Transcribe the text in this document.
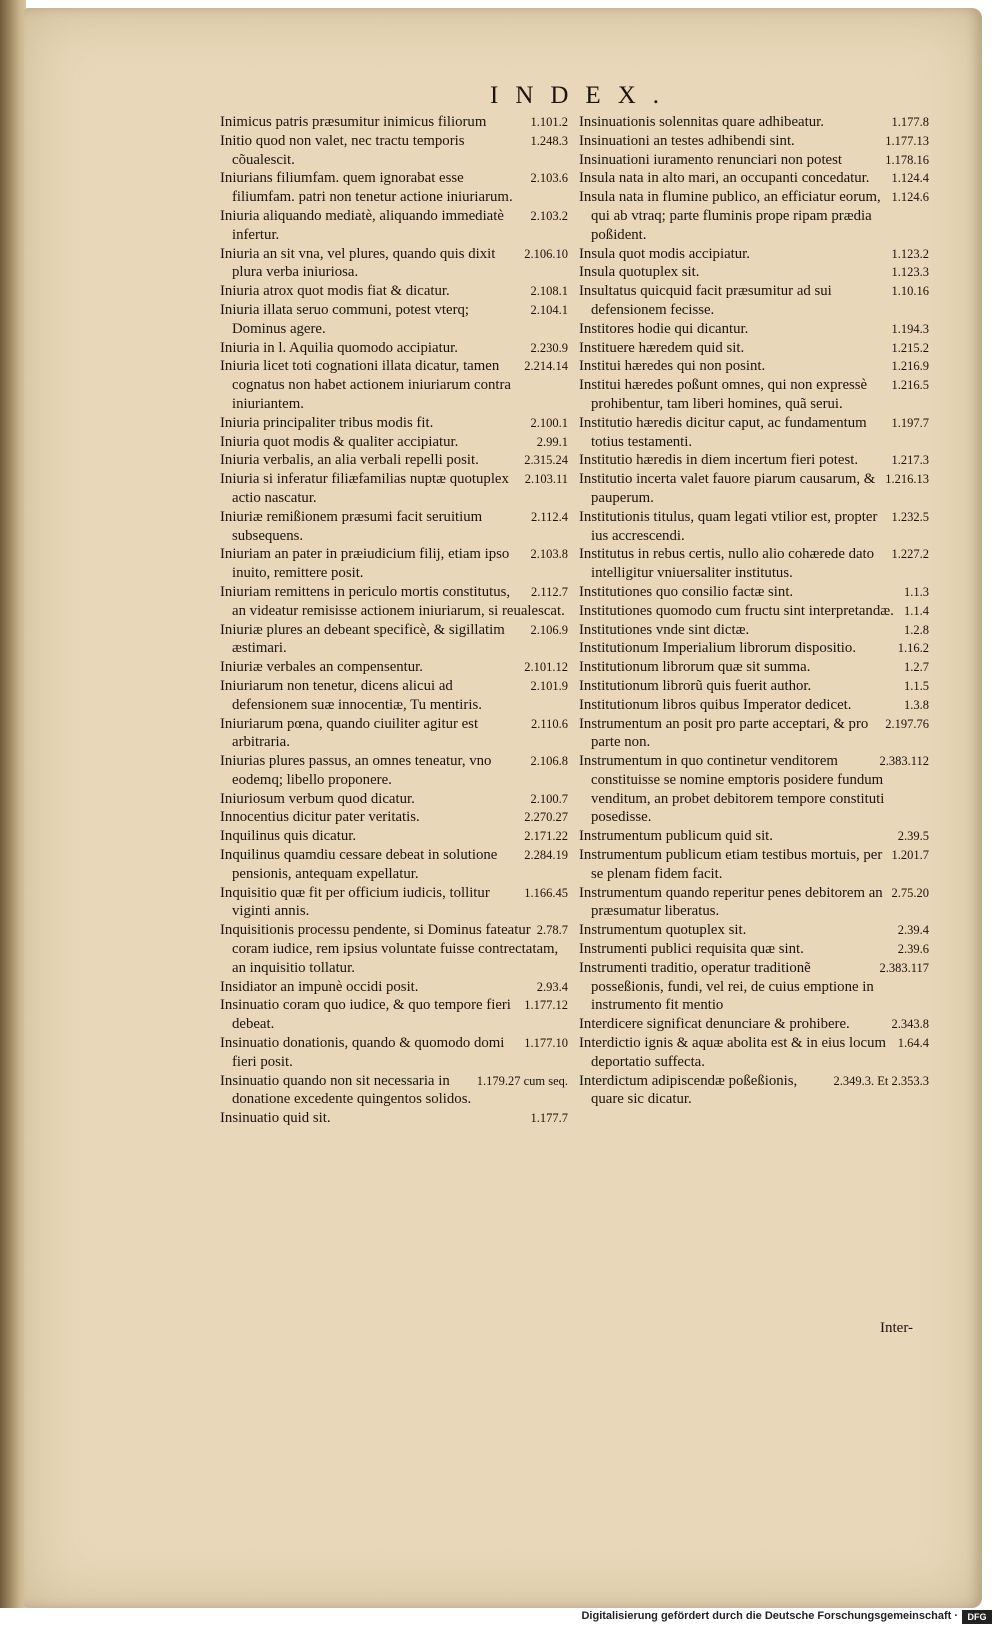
INDEX.
1.101.2
Inimicus patris præsumitur inimicus filiorum
1.248.3
Initio quod non valet, nec tractu temporis cõualescit.
2.103.6
Iniurians filiumfam. quem ignorabat esse filiumfam. patri non tenetur actione iniuriarum.
2.103.2
Iniuria aliquando mediatè, aliquando immediatè infertur.
2.106.10
Iniuria an sit vna, vel plures, quando quis dixit plura verba iniuriosa.
2.108.1
Iniuria atrox quot modis fiat & dicatur.
2.104.1
Iniuria illata seruo communi, potest vterq; Dominus agere.
2.230.9
Iniuria in l. Aquilia quomodo accipiatur.
2.214.14
Iniuria licet toti cognationi illata dicatur, tamen cognatus non habet actionem iniuriarum contra iniuriantem.
2.100.1
Iniuria principaliter tribus modis fit.
2.99.1
Iniuria quot modis & qualiter accipiatur.
2.315.24
Iniuria verbalis, an alia verbali repelli posit.
2.103.11
Iniuria si inferatur filiæfamilias nuptæ quotuplex actio nascatur.
2.112.4
Iniuriæ remißionem præsumi facit seruitium subsequens.
2.103.8
Iniuriam an pater in præiudicium filij, etiam ipso inuito, remittere posit.
2.112.7
Iniuriam remittens in periculo mortis constitutus, an videatur remisisse actionem iniuriarum, si reualescat.
2.106.9
Iniuriæ plures an debeant specificè, & sigillatim æstimari.
2.101.12
Iniuriæ verbales an compensentur.
2.101.9
Iniuriarum non tenetur, dicens alicui ad defensionem suæ innocentiæ, Tu mentiris.
2.110.6
Iniuriarum pœna, quando ciuiliter agitur est arbitraria.
2.106.8
Iniurias plures passus, an omnes teneatur, vno eodemq; libello proponere.
2.100.7
Iniuriosum verbum quod dicatur.
2.270.27
Innocentius dicitur pater veritatis.
2.171.22
Inquilinus quis dicatur.
2.284.19
Inquilinus quamdiu cessare debeat in solutione pensionis, antequam expellatur.
1.166.45
Inquisitio quæ fit per officium iudicis, tollitur viginti annis.
2.78.7
Inquisitionis processu pendente, si Dominus fateatur coram iudice, rem ipsius voluntate fuisse contrectatam, an inquisitio tollatur.
2.93.4
Insidiator an impunè occidi posit.
1.177.12
Insinuatio coram quo iudice, & quo tempore fieri debeat.
1.177.10
Insinuatio donationis, quando & quomodo domi fieri posit.
1.179.27 cum seq.
Insinuatio quando non sit necessaria in donatione excedente quingentos solidos.
1.177.7
Insinuatio quid sit.
1.177.8
Insinuationis solennitas quare adhibeatur.
1.177.13
Insinuationi an testes adhibendi sint.
1.178.16
Insinuationi iuramento renunciari non potest
1.124.4
Insula nata in alto mari, an occupanti concedatur.
1.124.6
Insula nata in flumine publico, an efficiatur eorum, qui ab vtraq; parte fluminis prope ripam prædia poßident.
1.123.2
Insula quot modis accipiatur.
1.123.3
Insula quotuplex sit.
1.10.16
Insultatus quicquid facit præsumitur ad sui defensionem fecisse.
1.194.3
Institores hodie qui dicantur.
1.215.2
Instituere hæredem quid sit.
1.216.9
Institui hæredes qui non posint.
1.216.5
Institui hæredes poßunt omnes, qui non expressè prohibentur, tam liberi homines, quã serui.
1.197.7
Institutio hæredis dicitur caput, ac fundamentum totius testamenti.
1.217.3
Institutio hæredis in diem incertum fieri potest.
1.216.13
Institutio incerta valet fauore piarum causarum, & pauperum.
1.232.5
Institutionis titulus, quam legati vtilior est, propter ius accrescendi.
1.227.2
Institutus in rebus certis, nullo alio cohærede dato intelligitur vniuersaliter institutus.
1.1.3
Institutiones quo consilio factæ sint.
1.1.4
Institutiones quomodo cum fructu sint interpretandæ.
1.2.8
Institutiones vnde sint dictæ.
1.16.2
Institutionum Imperialium librorum dispositio.
1.2.7
Institutionum librorum quæ sit summa.
1.1.5
Institutionum librorũ quis fuerit author.
1.3.8
Institutionum libros quibus Imperator dedicet.
2.197.76
Instrumentum an posit pro parte acceptari, & pro parte non.
2.383.112
Instrumentum in quo continetur venditorem constituisse se nomine emptoris posidere fundum venditum, an probet debitorem tempore constituti posedisse.
2.39.5
Instrumentum publicum quid sit.
1.201.7
Instrumentum publicum etiam testibus mortuis, per se plenam fidem facit.
2.75.20
Instrumentum quando reperitur penes debitorem an præsumatur liberatus.
2.39.4
Instrumentum quotuplex sit.
2.39.6
Instrumenti publici requisita quæ sint.
2.383.117
Instrumenti traditio, operatur traditionẽ posseßionis, fundi, vel rei, de cuius emptione in instrumento fit mentio
2.343.8
Interdicere significat denunciare & prohibere.
1.64.4
Interdictio ignis & aquæ abolita est & in eius locum deportatio suffecta.
2.349.3. Et 2.353.3
Interdictum adipiscendæ poßeßionis, quare sic dicatur.
Inter-
Digitalisierung gefördert durch die Deutsche Forschungsgemeinschaft ·	DFG
